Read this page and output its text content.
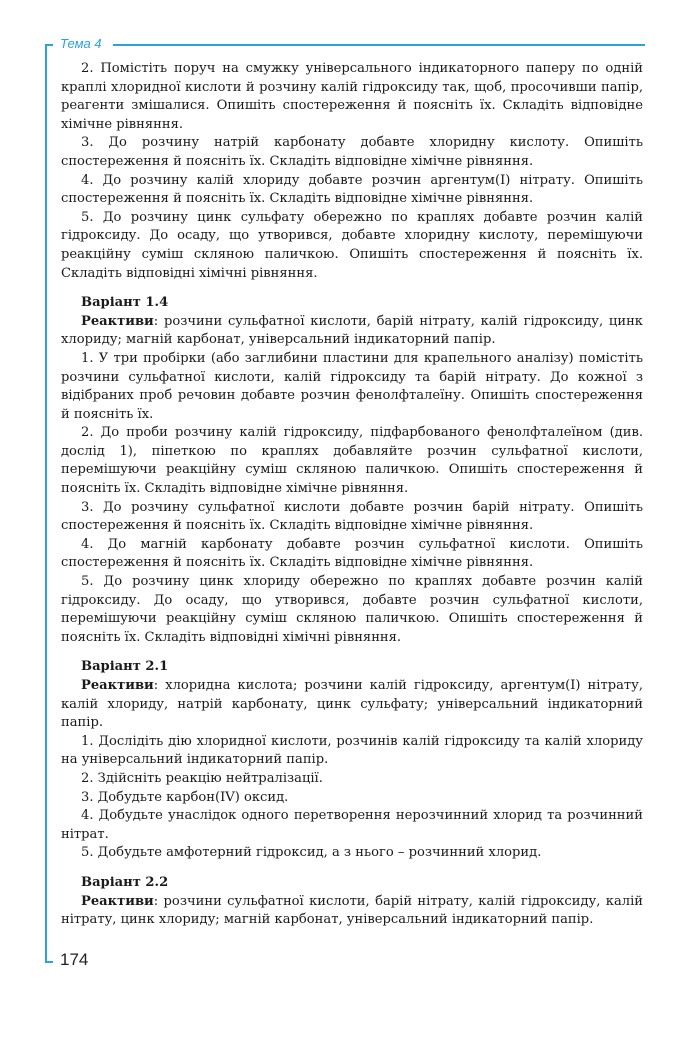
Тема 4
174

2. Помістіть поруч на смужку універсального індикаторного паперу по одній краплі хлоридної кислоти й розчину калій гідроксиду так, щоб, просочивши папір, реагенти змішалися. Опишіть спостереження й поясніть їх. Складіть відповідне хімічне рівняння.

3. До розчину натрій карбонату добавте хлоридну кислоту. Опишіть спостереження й поясніть їх. Складіть відповідне хімічне рівняння.

4. До розчину калій хлориду добавте розчин аргентум(І) нітрату. Опишіть спостереження й поясніть їх. Складіть відповідне хімічне рівняння.

5. До розчину цинк сульфату обережно по краплях добавте розчин калій гідроксиду. До осаду, що утворився, добавте хлоридну кислоту, перемішуючи реакційну суміш скляною паличкою. Опишіть спостереження й поясніть їх. Складіть відповідні хімічні рівняння.

Варіант 1.4

Реактиви: розчини сульфатної кислоти, барій нітрату, калій гідроксиду, цинк хлориду; магній карбонат, універсальний індикаторний папір.

1. У три пробірки (або заглибини пластини для крапельного аналізу) помістіть розчини сульфатної кислоти, калій гідроксиду та барій нітрату. До кожної з відібраних проб речовин добавте розчин фенолфталеїну. Опишіть спостереження й поясніть їх.

2. До проби розчину калій гідроксиду, підфарбованого фенолфталеїном (див. дослід 1), піпеткою по краплях добавляйте розчин сульфатної кислоти, перемішуючи реакційну суміш скляною паличкою. Опишіть спостереження й поясніть їх. Складіть відповідне хімічне рівняння.

3. До розчину сульфатної кислоти добавте розчин барій нітрату. Опишіть спостереження й поясніть їх. Складіть відповідне хімічне рівняння.

4. До магній карбонату добавте розчин сульфатної кислоти. Опишіть спостереження й поясніть їх. Складіть відповідне хімічне рівняння.

5. До розчину цинк хлориду обережно по краплях добавте розчин калій гідроксиду. До осаду, що утворився, добавте розчин сульфатної кислоти, перемішуючи реакційну суміш скляною паличкою. Опишіть спостереження й поясніть їх. Складіть відповідні хімічні рівняння.

Варіант 2.1

Реактиви: хлоридна кислота; розчини калій гідроксиду, аргентум(І) нітрату, калій хлориду, натрій карбонату, цинк сульфату; універсальний індикаторний папір.

1. Дослідіть дію хлоридної кислоти, розчинів калій гідроксиду та калій хлориду на універсальний індикаторний папір.

2. Здійсніть реакцію нейтралізації.

3. Добудьте карбон(IV) оксид.

4. Добудьте унаслідок одного перетворення нерозчинний хлорид та розчинний нітрат.

5. Добудьте амфотерний гідроксид, а з нього – розчинний хлорид.

Варіант 2.2

Реактиви: розчини сульфатної кислоти, барій нітрату, калій гідроксиду, калій нітрату, цинк хлориду; магній карбонат, універсальний індикаторний папір.
